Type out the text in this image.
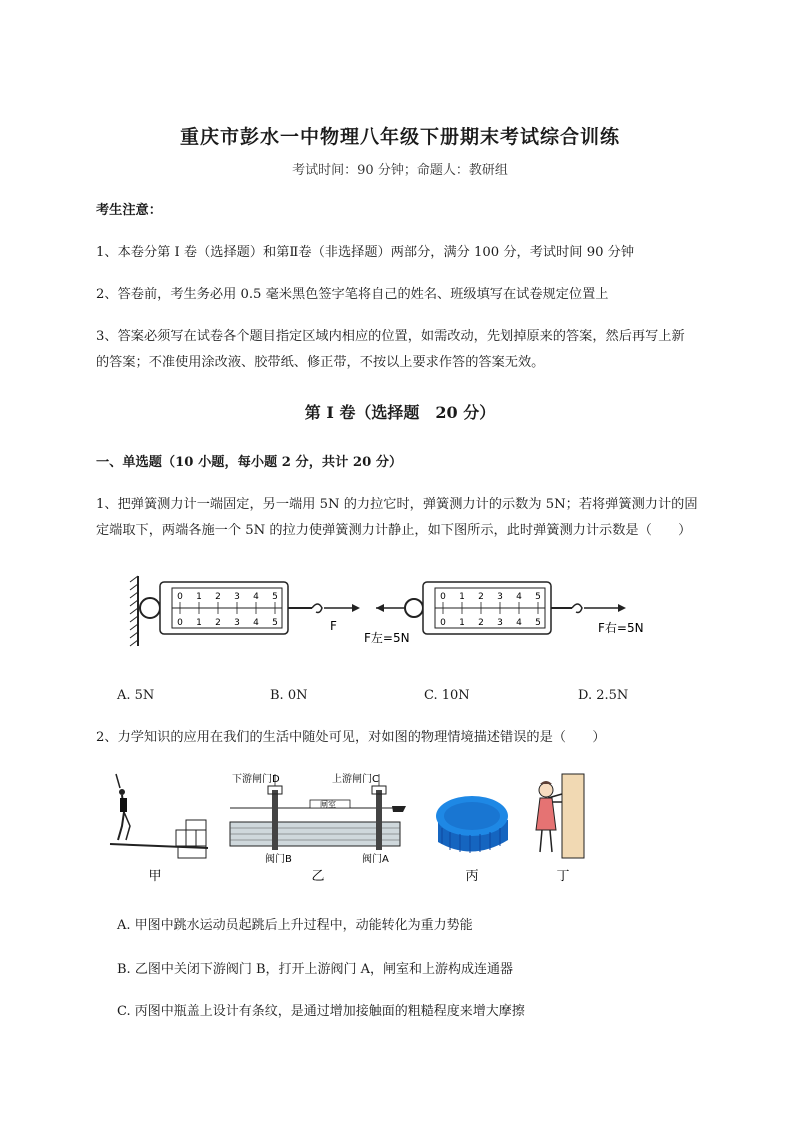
重庆市彭水一中物理八年级下册期末考试综合训练
考试时间：90 分钟；命题人：教研组
考生注意：
1、本卷分第 I 卷（选择题）和第Ⅱ卷（非选择题）两部分，满分 100 分，考试时间 90 分钟
2、答卷前，考生务必用 0.5 毫米黑色签字笔将自己的姓名、班级填写在试卷规定位置上
3、答案必须写在试卷各个题目指定区域内相应的位置，如需改动，先划掉原来的答案，然后再写上新
的答案；不准使用涂改液、胶带纸、修正带，不按以上要求作答的答案无效。
第 I 卷（选择题　20 分）
一、单选题（10 小题，每小题 2 分，共计 20 分）
1、把弹簧测力计一端固定，另一端用 5N 的力拉它时，弹簧测力计的示数为 5N；若将弹簧测力计的固
定端取下，两端各施一个 5N 的拉力使弹簧测力计静止，如下图所示，此时弹簧测力计示数是（　　）
0 1 2 3 4 5
0 1 2 3 4 5	F
0 1 2 3 4 5
0 1 2 3 4 5
F左=5N
F右=5N
A. 5N	B. 0N	C. 10N	D. 2.5N
2、力学知识的应用在我们的生活中随处可见，对如图的物理情境描述错误的是（　　）
甲
下游闸门D	上游闸门C
闸室
阀门B	阀门A
乙	丙	丁
A. 甲图中跳水运动员起跳后上升过程中，动能转化为重力势能
B. 乙图中关闭下游阀门 B，打开上游阀门 A，闸室和上游构成连通器
C. 丙图中瓶盖上设计有条纹，是通过增加接触面的粗糙程度来增大摩擦
